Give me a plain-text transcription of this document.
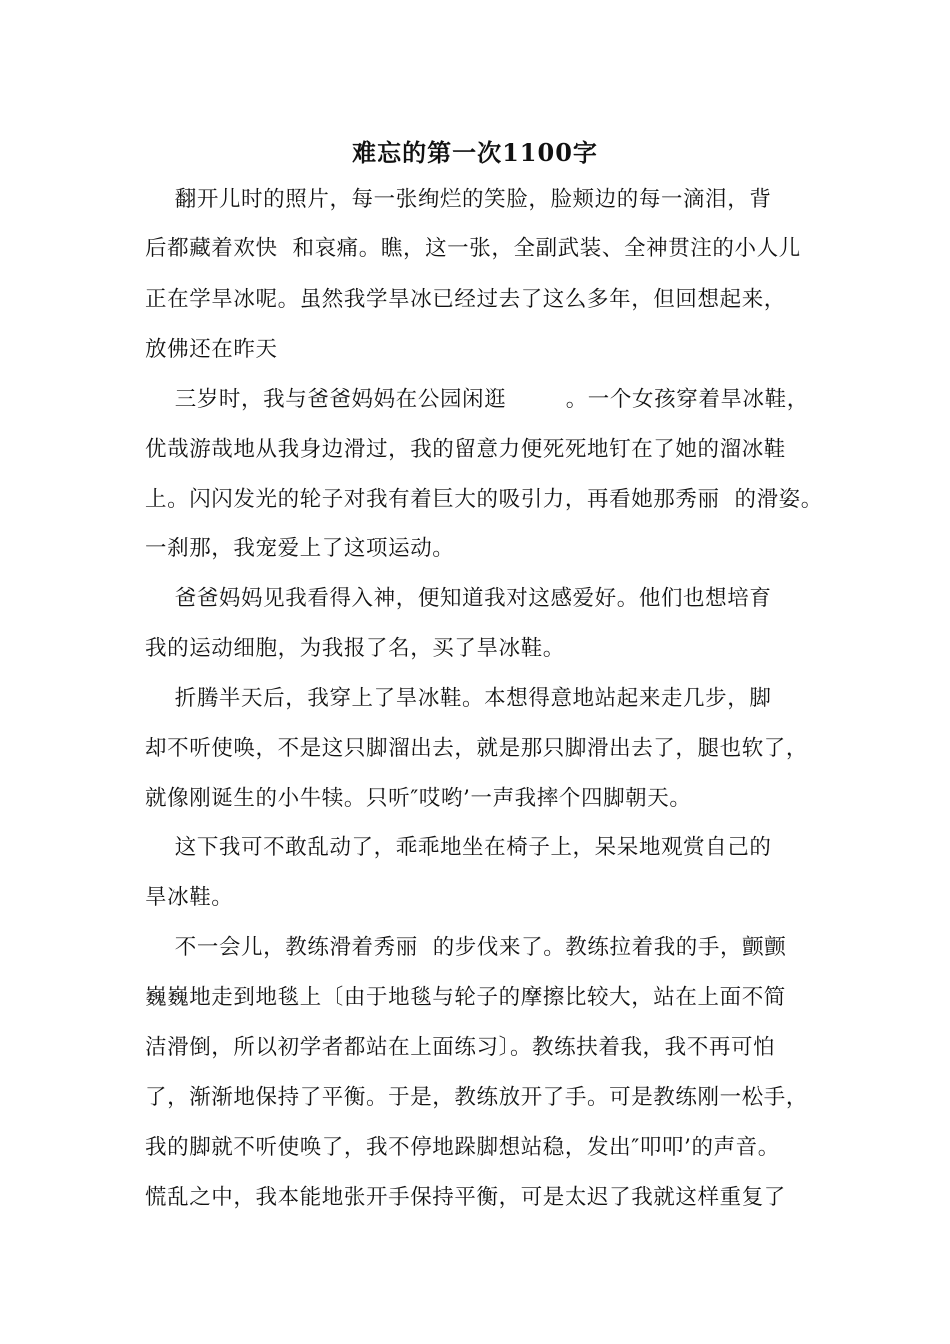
难忘的第一次1100字
翻开儿时的照片，每一张绚烂的笑脸，脸颊边的每一滴泪，背
后都藏着欢快  和哀痛。瞧，这一张，全副武装、全神贯注的小人儿
正在学旱冰呢。虽然我学旱冰已经过去了这么多年，但回想起来，
放佛还在昨天
三岁时，我与爸爸妈妈在公园闲逛        。一个女孩穿着旱冰鞋，
优哉游哉地从我身边滑过，我的留意力便死死地钉在了她的溜冰鞋
上。闪闪发光的轮子对我有着巨大的吸引力，再看她那秀丽  的滑姿。
一刹那，我宠爱上了这项运动。
爸爸妈妈见我看得入神，便知道我对这感爱好。他们也想培育
我的运动细胞，为我报了名，买了旱冰鞋。
折腾半天后，我穿上了旱冰鞋。本想得意地站起来走几步，脚
却不听使唤，不是这只脚溜出去，就是那只脚滑出去了，腿也软了，
就像刚诞生的小牛犊。只听″哎哟’一声我摔个四脚朝天。
这下我可不敢乱动了，乖乖地坐在椅子上，呆呆地观赏自己的
旱冰鞋。
不一会儿，教练滑着秀丽  的步伐来了。教练拉着我的手，颤颤
巍巍地走到地毯上〔由于地毯与轮子的摩擦比较大，站在上面不简
洁滑倒，所以初学者都站在上面练习〕。教练扶着我，我不再可怕
了，渐渐地保持了平衡。于是，教练放开了手。可是教练刚一松手，
我的脚就不听使唤了，我不停地跺脚想站稳，发出″叩叩’的声音。
慌乱之中，我本能地张开手保持平衡，可是太迟了我就这样重复了
